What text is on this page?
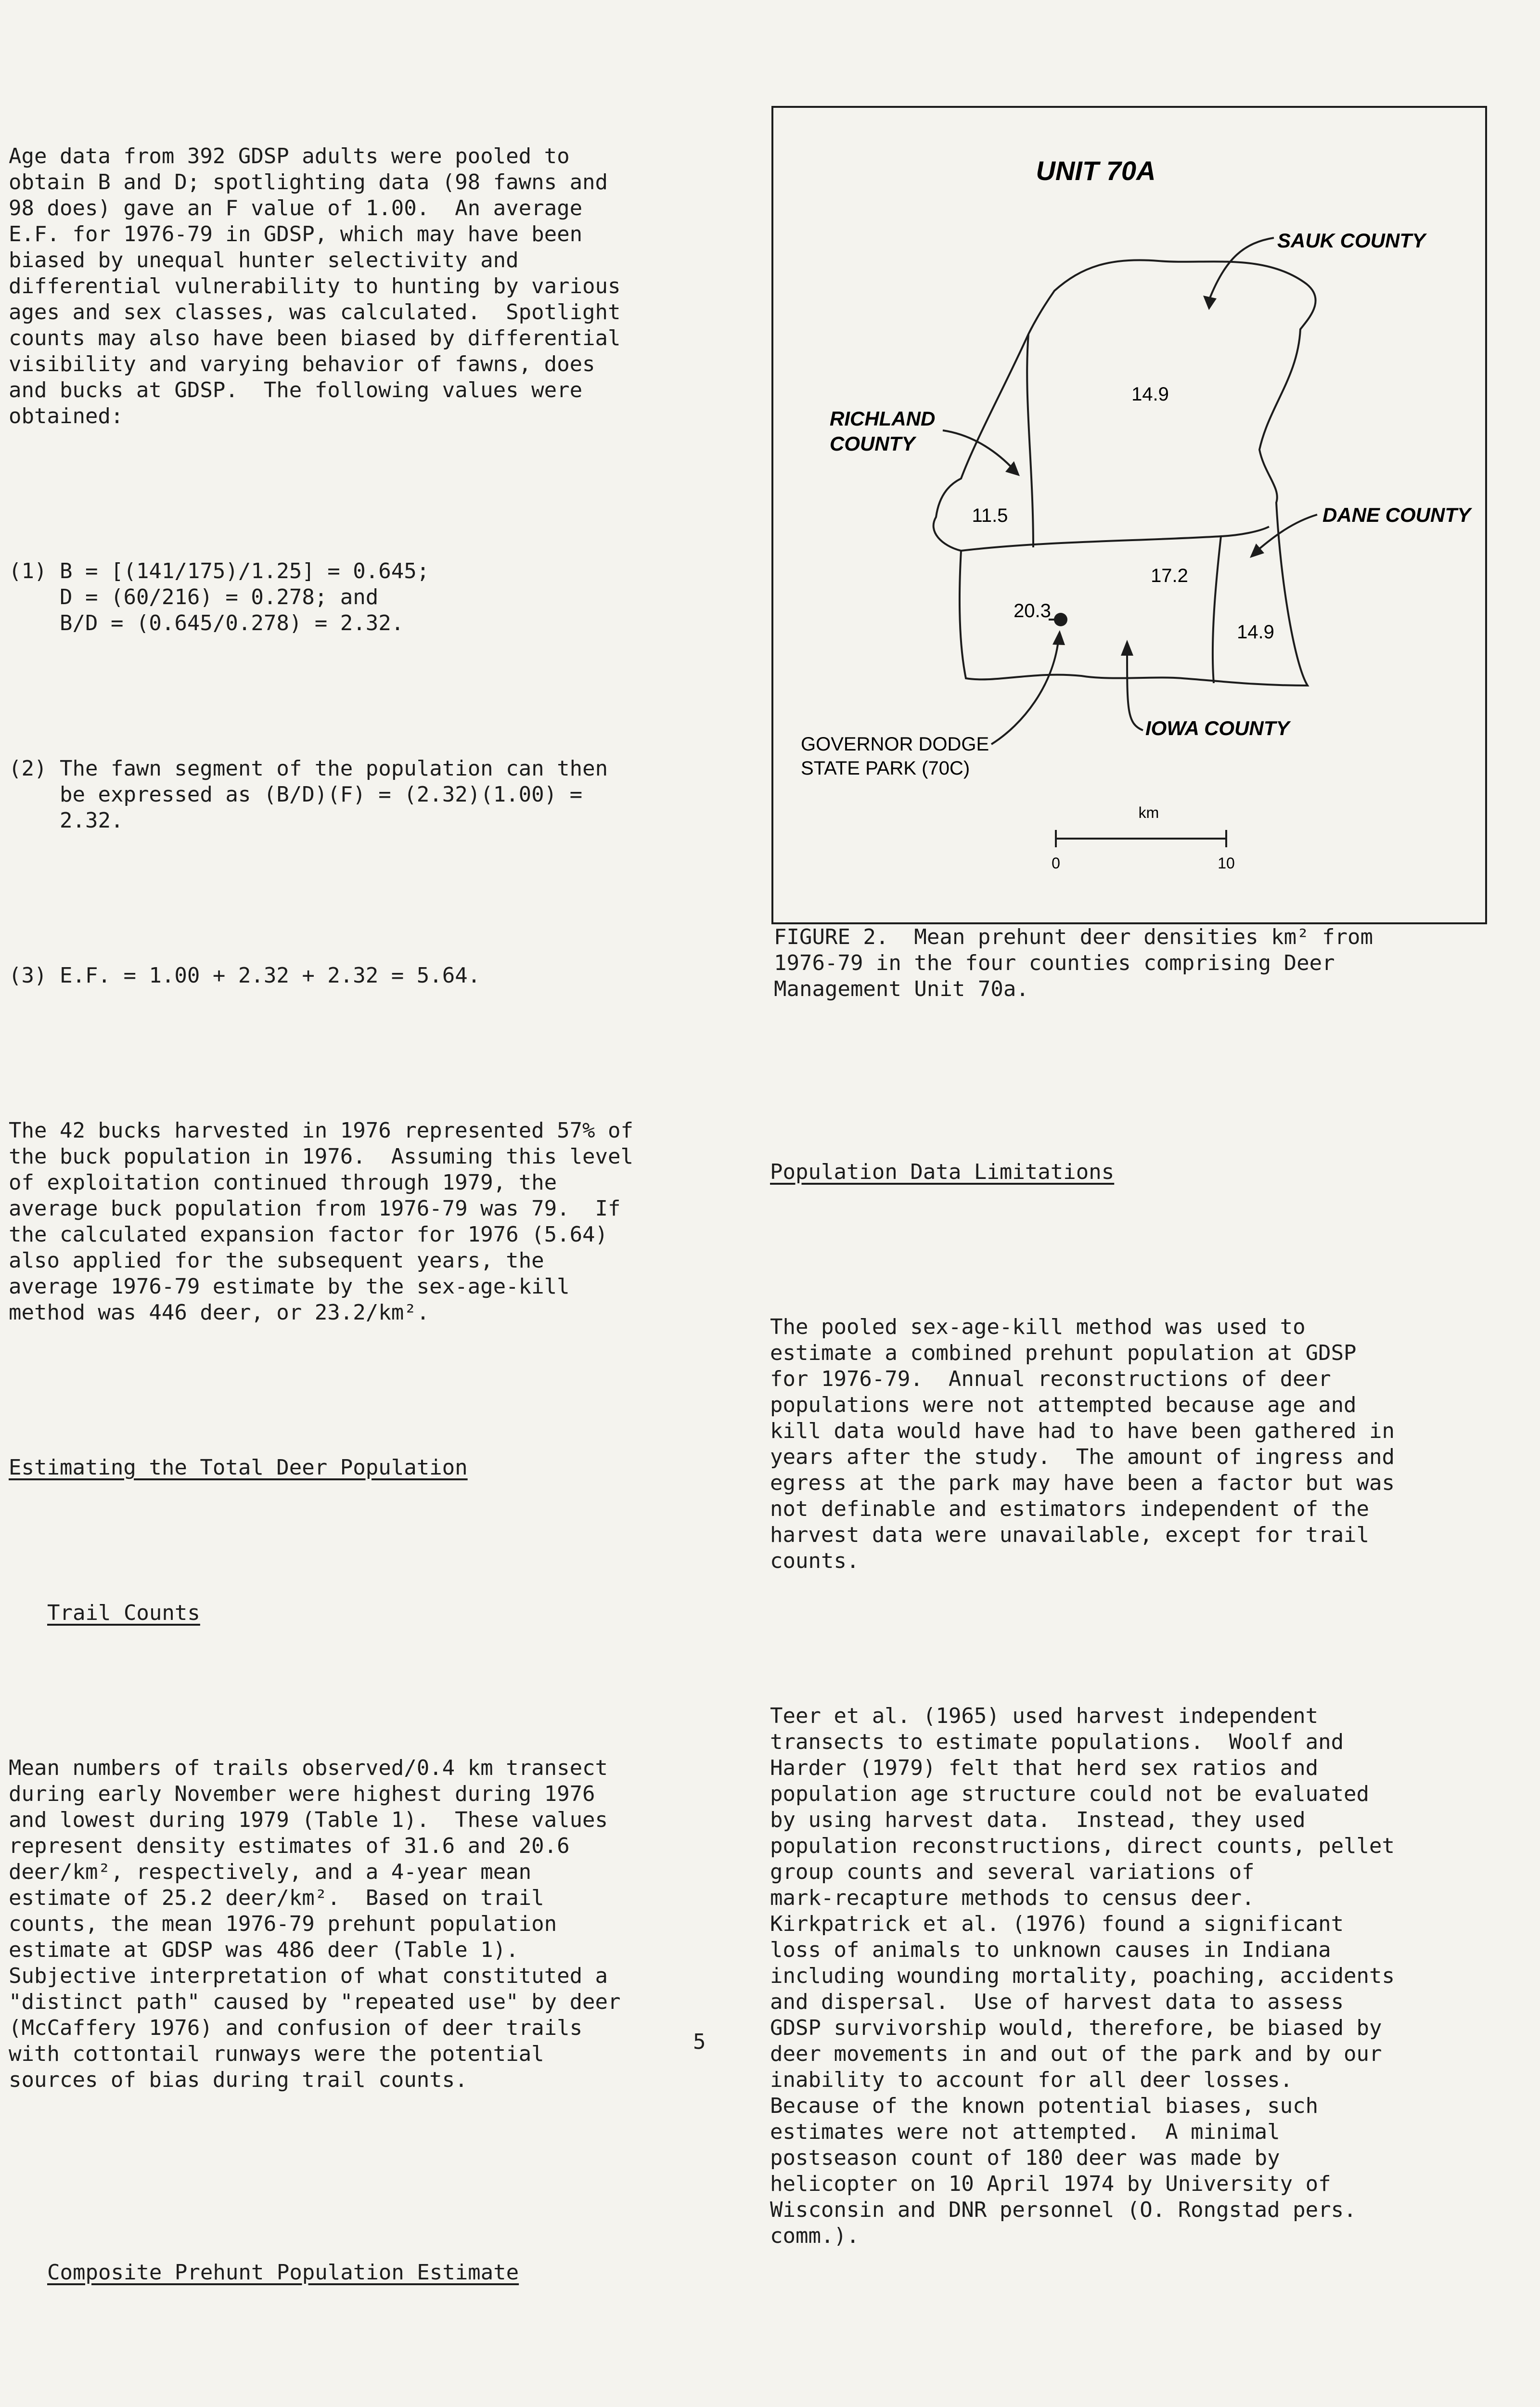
Age data from 392 GDSP adults were pooled to
obtain B and D; spotlighting data (98 fawns and
98 does) gave an F value of 1.00.  An average
E.F. for 1976-79 in GDSP, which may have been
biased by unequal hunter selectivity and
differential vulnerability to hunting by various
ages and sex classes, was calculated.  Spotlight
counts may also have been biased by differential
visibility and varying behavior of fawns, does
and bucks at GDSP.  The following values were
obtained:

(1) B = [(141/175)/1.25] = 0.645;
D = (60/216) = 0.278; and
B/D = (0.645/0.278) = 2.32.

(2) The fawn segment of the population can then
be expressed as (B/D)(F) = (2.32)(1.00) =
2.32.

(3) E.F. = 1.00 + 2.32 + 2.32 = 5.64.

The 42 bucks harvested in 1976 represented 57% of
the buck population in 1976.  Assuming this level
of exploitation continued through 1979, the
average buck population from 1976-79 was 79.  If
the calculated expansion factor for 1976 (5.64)
also applied for the subsequent years, the
average 1976-79 estimate by the sex-age-kill
method was 446 deer, or 23.2/km².

Estimating the Total Deer Population

Trail Counts

Mean numbers of trails observed/0.4 km transect
during early November were highest during 1976
and lowest during 1979 (Table 1).  These values
represent density estimates of 31.6 and 20.6
deer/km², respectively, and a 4-year mean
estimate of 25.2 deer/km².  Based on trail
counts, the mean 1976-79 prehunt population
estimate at GDSP was 486 deer (Table 1).
Subjective interpretation of what constituted a
"distinct path" caused by "repeated use" by deer
(McCaffery 1976) and confusion of deer trails
with cottontail runways were the potential
sources of bias during trail counts.

Composite Prehunt Population Estimate

UNIT 70A
14.9
11.5
17.2
14.9
20.3
SAUK COUNTY
RICHLAND
COUNTY
DANE COUNTY
IOWA COUNTY
GOVERNOR DODGE
STATE PARK (70C)
km
0	10

FIGURE 2.  Mean prehunt deer densities km² from
1976-79 in the four counties comprising Deer
Management Unit 70a.

Population Data Limitations

The pooled sex-age-kill method was used to
estimate a combined prehunt population at GDSP
for 1976-79.  Annual reconstructions of deer
populations were not attempted because age and
kill data would have had to have been gathered in
years after the study.  The amount of ingress and
egress at the park may have been a factor but was
not definable and estimators independent of the
harvest data were unavailable, except for trail
counts.

Teer et al. (1965) used harvest independent
transects to estimate populations.  Woolf and
Harder (1979) felt that herd sex ratios and
population age structure could not be evaluated
by using harvest data.  Instead, they used
population reconstructions, direct counts, pellet
group counts and several variations of
mark-recapture methods to census deer.
Kirkpatrick et al. (1976) found a significant
loss of animals to unknown causes in Indiana
including wounding mortality, poaching, accidents
and dispersal.  Use of harvest data to assess
GDSP survivorship would, therefore, be biased by
deer movements in and out of the park and by our
inability to account for all deer losses.
Because of the known potential biases, such
estimates were not attempted.  A minimal
postseason count of 180 deer was made by
helicopter on 10 April 1974 by University of
Wisconsin and DNR personnel (O. Rongstad pers.
comm.).

5
